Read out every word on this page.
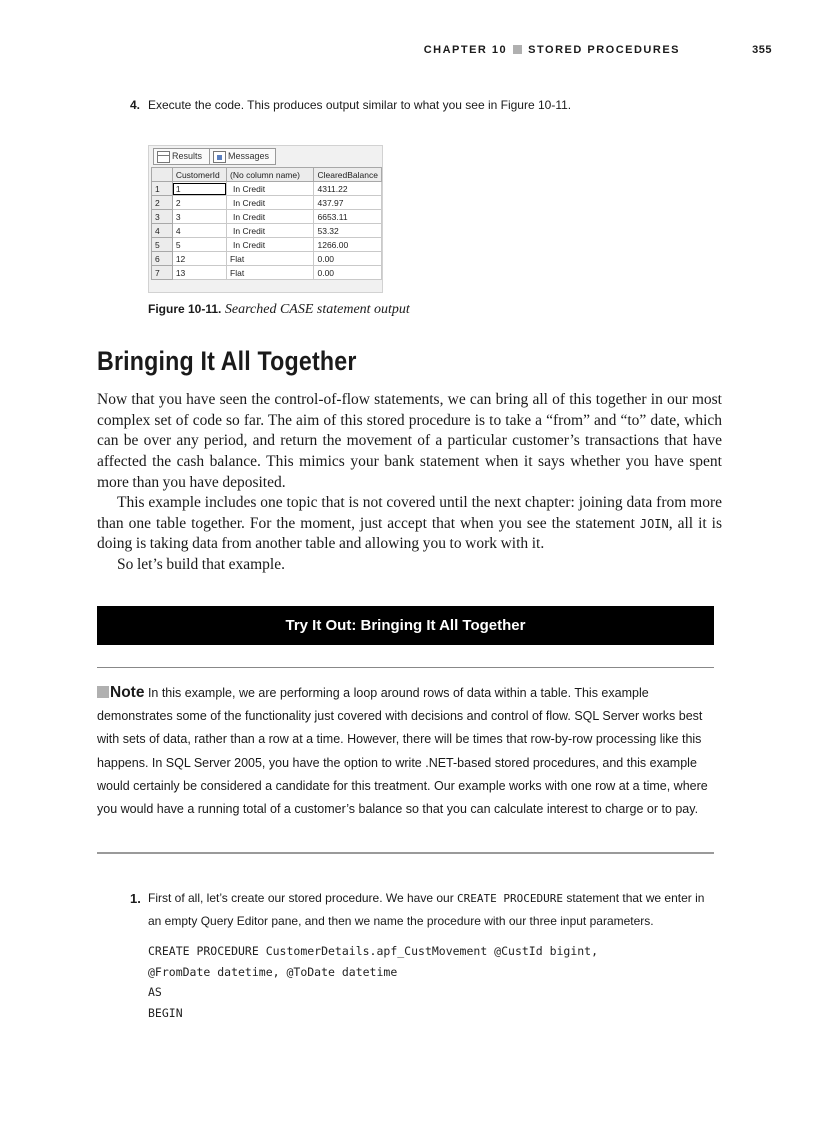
CHAPTER 10 STORED PROCEDURES	355
4. Execute the code. This produces output similar to what you see in Figure 10-11.
Results	Messages
	CustomerId	(No column name)	ClearedBalance
1	1	In Credit	4311.22
2	2	In Credit	437.97
3	3	In Credit	6653.11
4	4	In Credit	53.32
5	5	In Credit	1266.00
6	12	Flat	0.00
7	13	Flat	0.00
Figure 10-11. Searched CASE statement output
Bringing It All Together
Now that you have seen the control-of-flow statements, we can bring all of this together in our most complex set of code so far. The aim of this stored procedure is to take a “from” and “to” date, which can be over any period, and return the movement of a particular customer’s transactions that have affected the cash balance. This mimics your bank statement when it says whether you have spent more than you have deposited.
This example includes one topic that is not covered until the next chapter: joining data from more than one table together. For the moment, just accept that when you see the statement JOIN, all it is doing is taking data from another table and allowing you to work with it.
So let’s build that example.
Try It Out: Bringing It All Together
Note In this example, we are performing a loop around rows of data within a table. This example demonstrates some of the functionality just covered with decisions and control of flow. SQL Server works best with sets of data, rather than a row at a time. However, there will be times that row-by-row processing like this happens. In SQL Server 2005, you have the option to write .NET-based stored procedures, and this example would certainly be considered a candidate for this treatment. Our example works with one row at a time, where you would have a running total of a customer’s balance so that you can calculate interest to charge or to pay.
1. First of all, let’s create our stored procedure. We have our CREATE PROCEDURE statement that we enter in an empty Query Editor pane, and then we name the procedure with our three input parameters.
CREATE PROCEDURE CustomerDetails.apf_CustMovement @CustId bigint,
@FromDate datetime, @ToDate datetime
AS
BEGIN
